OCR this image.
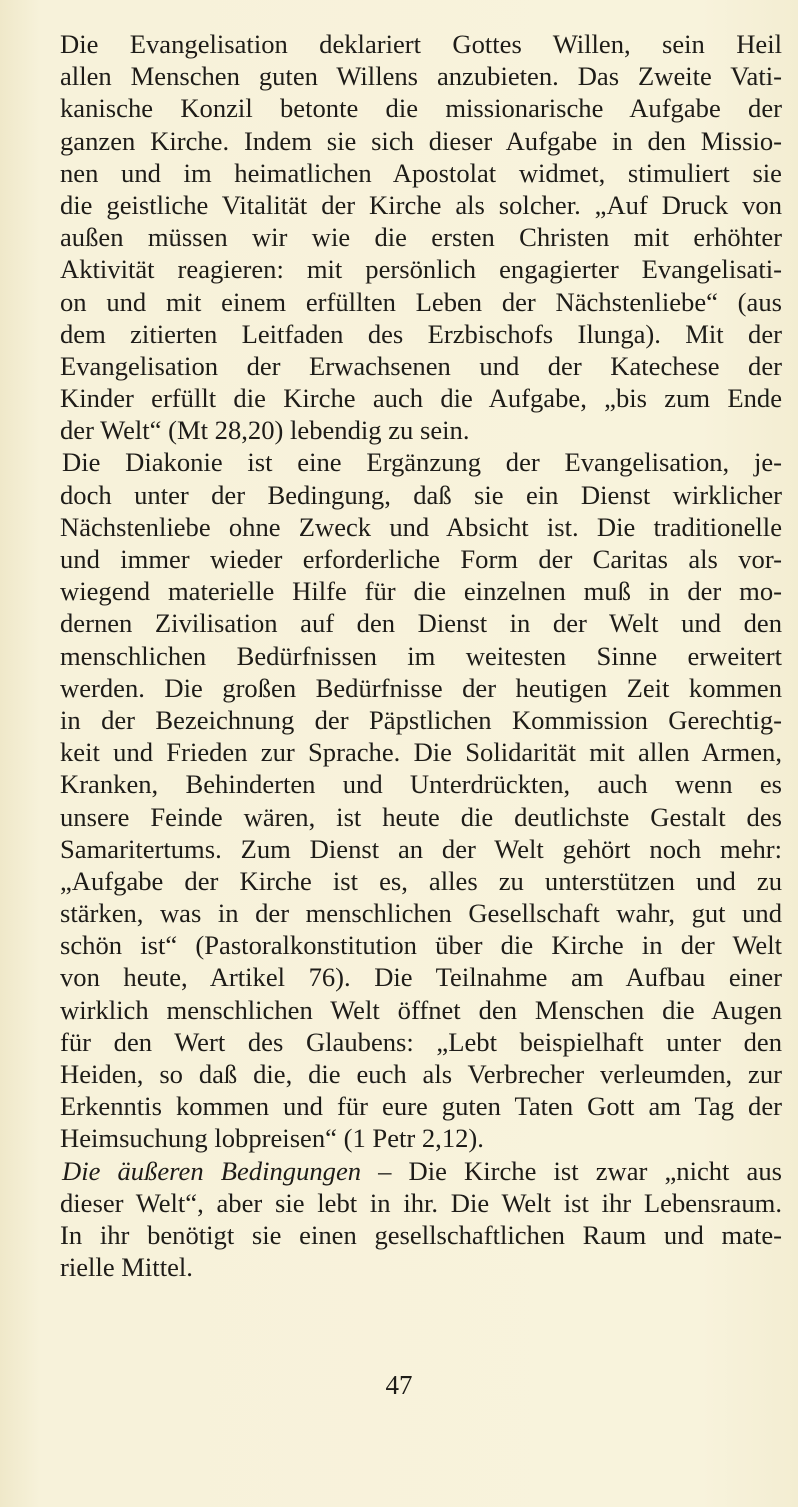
Die Evangelisation deklariert Gottes Willen, sein Heil
allen Menschen guten Willens anzubieten. Das Zweite Vati-
kanische Konzil betonte die missionarische Aufgabe der
ganzen Kirche. Indem sie sich dieser Aufgabe in den Missio-
nen und im heimatlichen Apostolat widmet, stimuliert sie
die geistliche Vitalität der Kirche als solcher. „Auf Druck von
außen müssen wir wie die ersten Christen mit erhöhter
Aktivität reagieren: mit persönlich engagierter Evangelisati-
on und mit einem erfüllten Leben der Nächstenliebe“ (aus
dem zitierten Leitfaden des Erzbischofs Ilunga). Mit der
Evangelisation der Erwachsenen und der Katechese der
Kinder erfüllt die Kirche auch die Aufgabe, „bis zum Ende
der Welt“ (Mt 28,20) lebendig zu sein.
Die Diakonie ist eine Ergänzung der Evangelisation, je-
doch unter der Bedingung, daß sie ein Dienst wirklicher
Nächstenliebe ohne Zweck und Absicht ist. Die traditionelle
und immer wieder erforderliche Form der Caritas als vor-
wiegend materielle Hilfe für die einzelnen muß in der mo-
dernen Zivilisation auf den Dienst in der Welt und den
menschlichen Bedürfnissen im weitesten Sinne erweitert
werden. Die großen Bedürfnisse der heutigen Zeit kommen
in der Bezeichnung der Päpstlichen Kommission Gerechtig-
keit und Frieden zur Sprache. Die Solidarität mit allen Armen,
Kranken, Behinderten und Unterdrückten, auch wenn es
unsere Feinde wären, ist heute die deutlichste Gestalt des
Samaritertums. Zum Dienst an der Welt gehört noch mehr:
„Aufgabe der Kirche ist es, alles zu unterstützen und zu
stärken, was in der menschlichen Gesellschaft wahr, gut und
schön ist“ (Pastoralkonstitution über die Kirche in der Welt
von heute, Artikel 76). Die Teilnahme am Aufbau einer
wirklich menschlichen Welt öffnet den Menschen die Augen
für den Wert des Glaubens: „Lebt beispielhaft unter den
Heiden, so daß die, die euch als Verbrecher verleumden, zur
Erkenntis kommen und für eure guten Taten Gott am Tag der
Heimsuchung lobpreisen“ (1 Petr 2,12).
Die äußeren Bedingungen – Die Kirche ist zwar „nicht aus
dieser Welt“, aber sie lebt in ihr. Die Welt ist ihr Lebensraum.
In ihr benötigt sie einen gesellschaftlichen Raum und mate-
rielle Mittel.
47
